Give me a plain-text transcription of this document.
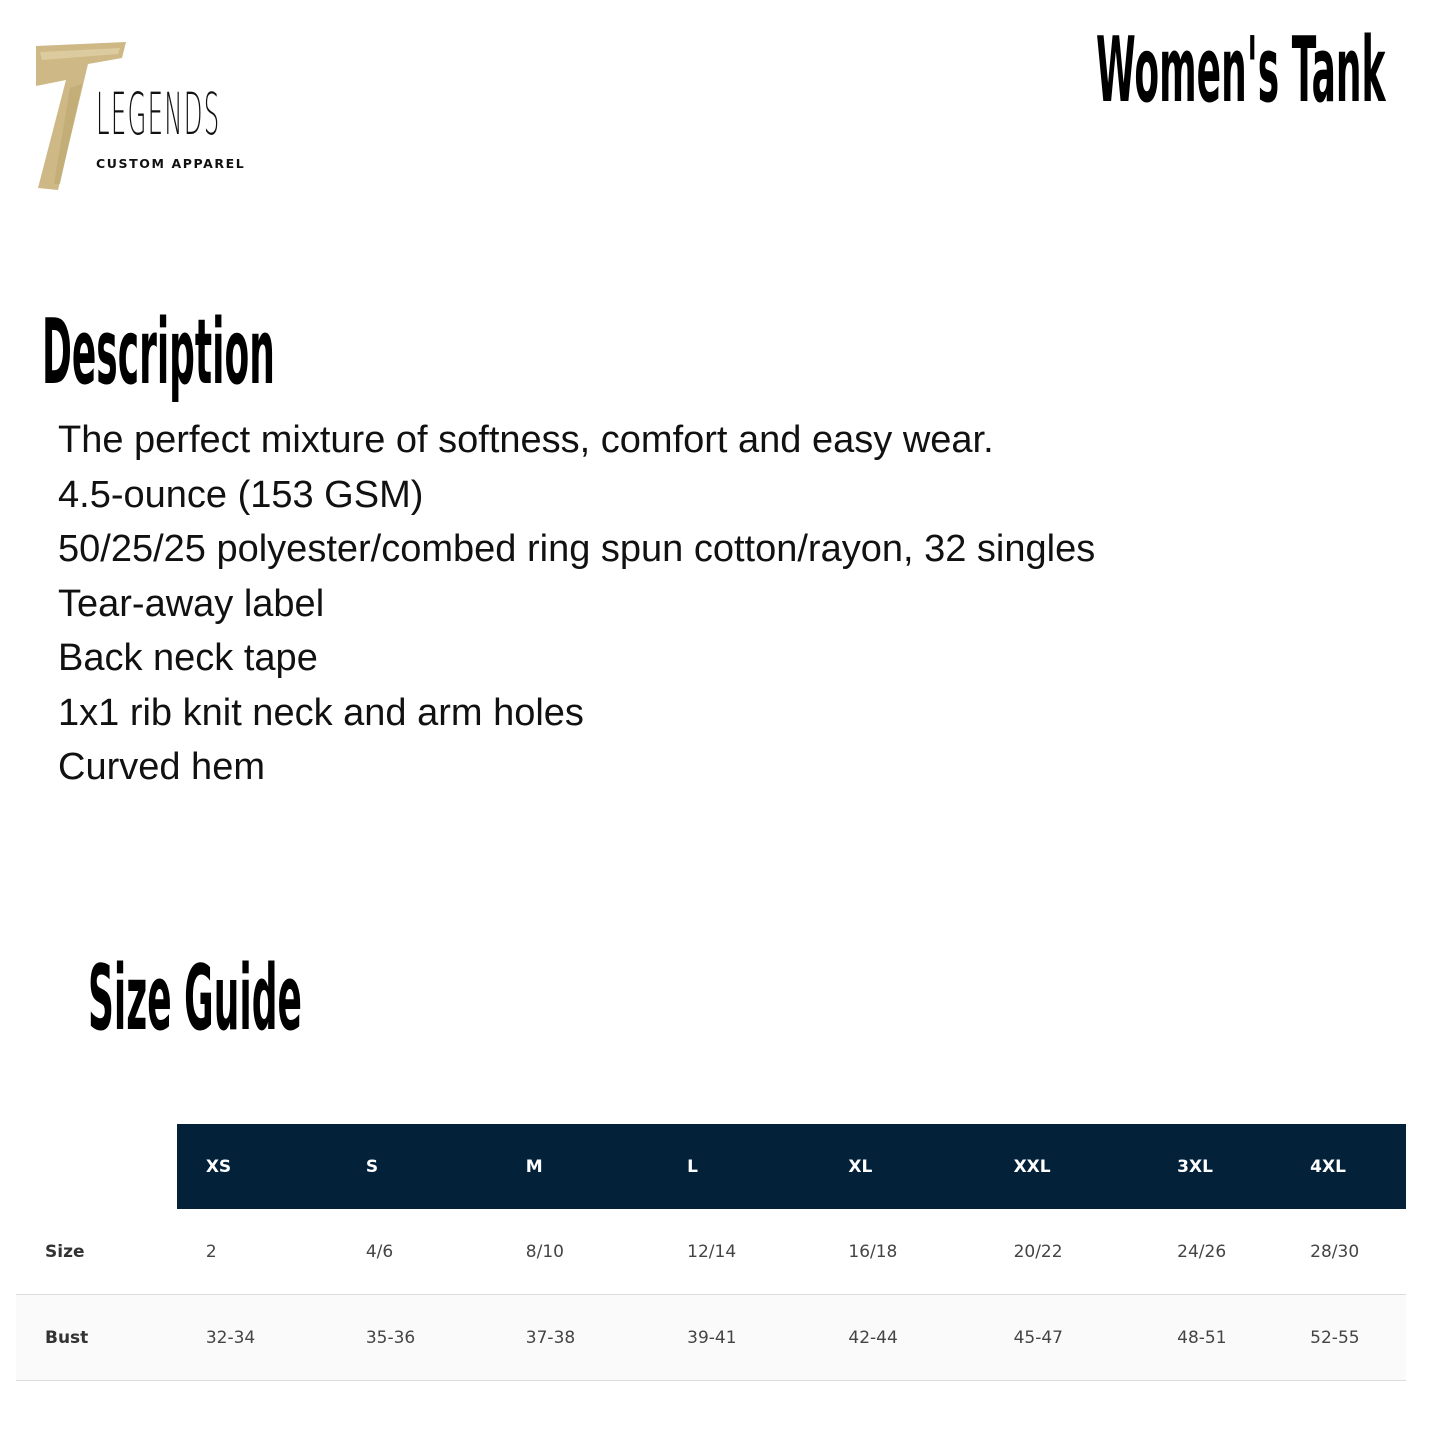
LEGENDS
CUSTOM APPAREL
Women's Tank
Description
The perfect mixture of softness, comfort and easy wear.
4.5-ounce (153 GSM)
50/25/25 polyester/combed ring spun cotton/rayon, 32 singles
Tear-away label
Back neck tape
1x1 rib knit neck and arm holes
Curved hem
Size Guide
	XS	S	M	L	XL	XXL	3XL	4XL
Size	2	4/6	8/10	12/14	16/18	20/22	24/26	28/30
Bust	32-34	35-36	37-38	39-41	42-44	45-47	48-51	52-55
